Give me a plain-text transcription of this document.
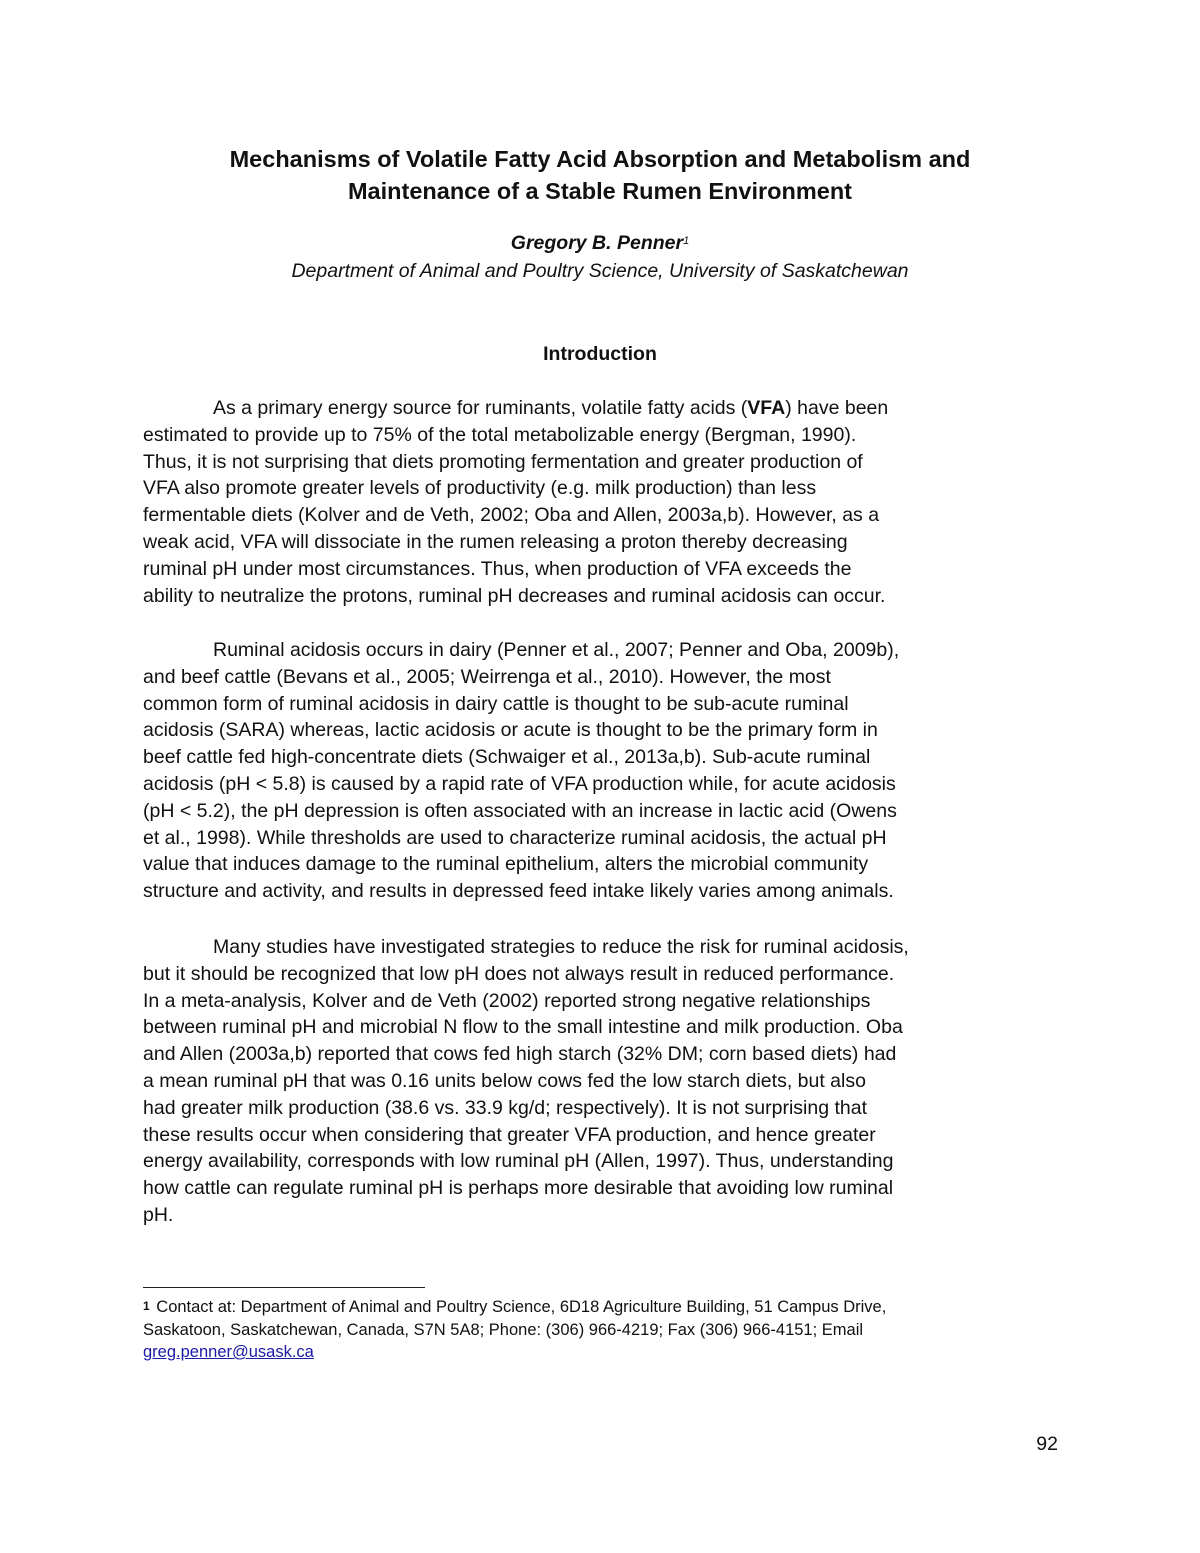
Mechanisms of Volatile Fatty Acid Absorption and Metabolism and
Maintenance of a Stable Rumen Environment
Gregory B. Penner$^1$
Department of Animal and Poultry Science, University of Saskatchewan
Introduction
As a primary energy source for ruminants, volatile fatty acids (VFA) have been
estimated to provide up to 75% of the total metabolizable energy (Bergman, 1990).
Thus, it is not surprising that diets promoting fermentation and greater production of
VFA also promote greater levels of productivity (e.g. milk production) than less
fermentable diets (Kolver and de Veth, 2002; Oba and Allen, 2003a,b). However, as a
weak acid, VFA will dissociate in the rumen releasing a proton thereby decreasing
ruminal pH under most circumstances. Thus, when production of VFA exceeds the
ability to neutralize the protons, ruminal pH decreases and ruminal acidosis can occur.
Ruminal acidosis occurs in dairy (Penner et al., 2007; Penner and Oba, 2009b),
and beef cattle (Bevans et al., 2005; Weirrenga et al., 2010). However, the most
common form of ruminal acidosis in dairy cattle is thought to be sub-acute ruminal
acidosis (SARA) whereas, lactic acidosis or acute is thought to be the primary form in
beef cattle fed high-concentrate diets (Schwaiger et al., 2013a,b). Sub-acute ruminal
acidosis (pH < 5.8) is caused by a rapid rate of VFA production while, for acute acidosis
(pH < 5.2), the pH depression is often associated with an increase in lactic acid (Owens
et al., 1998). While thresholds are used to characterize ruminal acidosis, the actual pH
value that induces damage to the ruminal epithelium, alters the microbial community
structure and activity, and results in depressed feed intake likely varies among animals.
Many studies have investigated strategies to reduce the risk for ruminal acidosis,
but it should be recognized that low pH does not always result in reduced performance.
In a meta-analysis, Kolver and de Veth (2002) reported strong negative relationships
between ruminal pH and microbial N flow to the small intestine and milk production. Oba
and Allen (2003a,b) reported that cows fed high starch (32% DM; corn based diets) had
a mean ruminal pH that was 0.16 units below cows fed the low starch diets, but also
had greater milk production (38.6 vs. 33.9 kg/d; respectively). It is not surprising that
these results occur when considering that greater VFA production, and hence greater
energy availability, corresponds with low ruminal pH (Allen, 1997). Thus, understanding
how cattle can regulate ruminal pH is perhaps more desirable that avoiding low ruminal
pH.
$^1$ Contact at: Department of Animal and Poultry Science, 6D18 Agriculture Building, 51 Campus Drive,
Saskatoon, Saskatchewan, Canada, S7N 5A8; Phone: (306) 966-4219; Fax (306) 966-4151; Email
greg.penner@usask.ca
92
